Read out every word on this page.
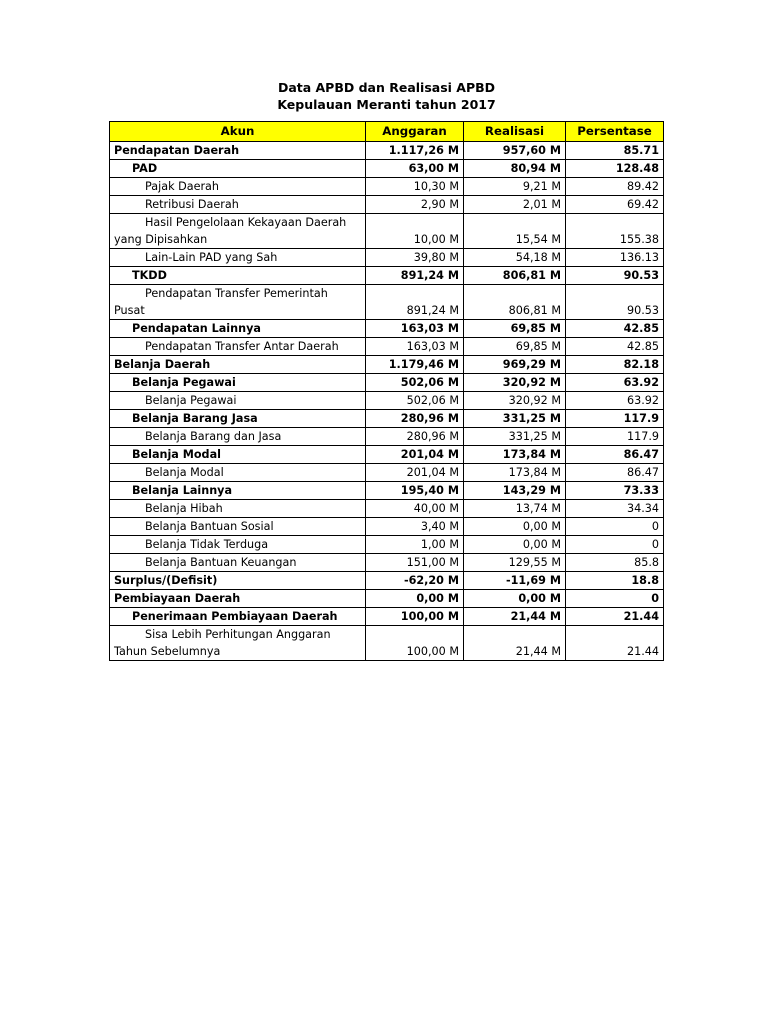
Data APBD dan Realisasi APBD
Kepulauan Meranti tahun 2017
Akun	Anggaran	Realisasi	Persentase
Pendapatan Daerah	1.117,26 M	957,60 M	85.71
PAD	63,00 M	80,94 M	128.48
Pajak Daerah	10,30 M	9,21 M	89.42
Retribusi Daerah	2,90 M	2,01 M	69.42

Hasil Pengelolaan Kekayaan Daerah
yang Dipisahkan	10,00 M	15,54 M	155.38
Lain-Lain PAD yang Sah	39,80 M	54,18 M	136.13
TKDD	891,24 M	806,81 M	90.53

Pendapatan Transfer Pemerintah
Pusat	891,24 M	806,81 M	90.53
Pendapatan Lainnya	163,03 M	69,85 M	42.85
Pendapatan Transfer Antar Daerah	163,03 M	69,85 M	42.85
Belanja Daerah	1.179,46 M	969,29 M	82.18
Belanja Pegawai	502,06 M	320,92 M	63.92
Belanja Pegawai	502,06 M	320,92 M	63.92
Belanja Barang Jasa	280,96 M	331,25 M	117.9
Belanja Barang dan Jasa	280,96 M	331,25 M	117.9
Belanja Modal	201,04 M	173,84 M	86.47
Belanja Modal	201,04 M	173,84 M	86.47
Belanja Lainnya	195,40 M	143,29 M	73.33
Belanja Hibah	40,00 M	13,74 M	34.34
Belanja Bantuan Sosial	3,40 M	0,00 M	0
Belanja Tidak Terduga	1,00 M	0,00 M	0
Belanja Bantuan Keuangan	151,00 M	129,55 M	85.8
Surplus/(Defisit)	-62,20 M	-11,69 M	18.8
Pembiayaan Daerah	0,00 M	0,00 M	0
Penerimaan Pembiayaan Daerah	100,00 M	21,44 M	21.44

Sisa Lebih Perhitungan Anggaran
Tahun Sebelumnya	100,00 M	21,44 M	21.44
